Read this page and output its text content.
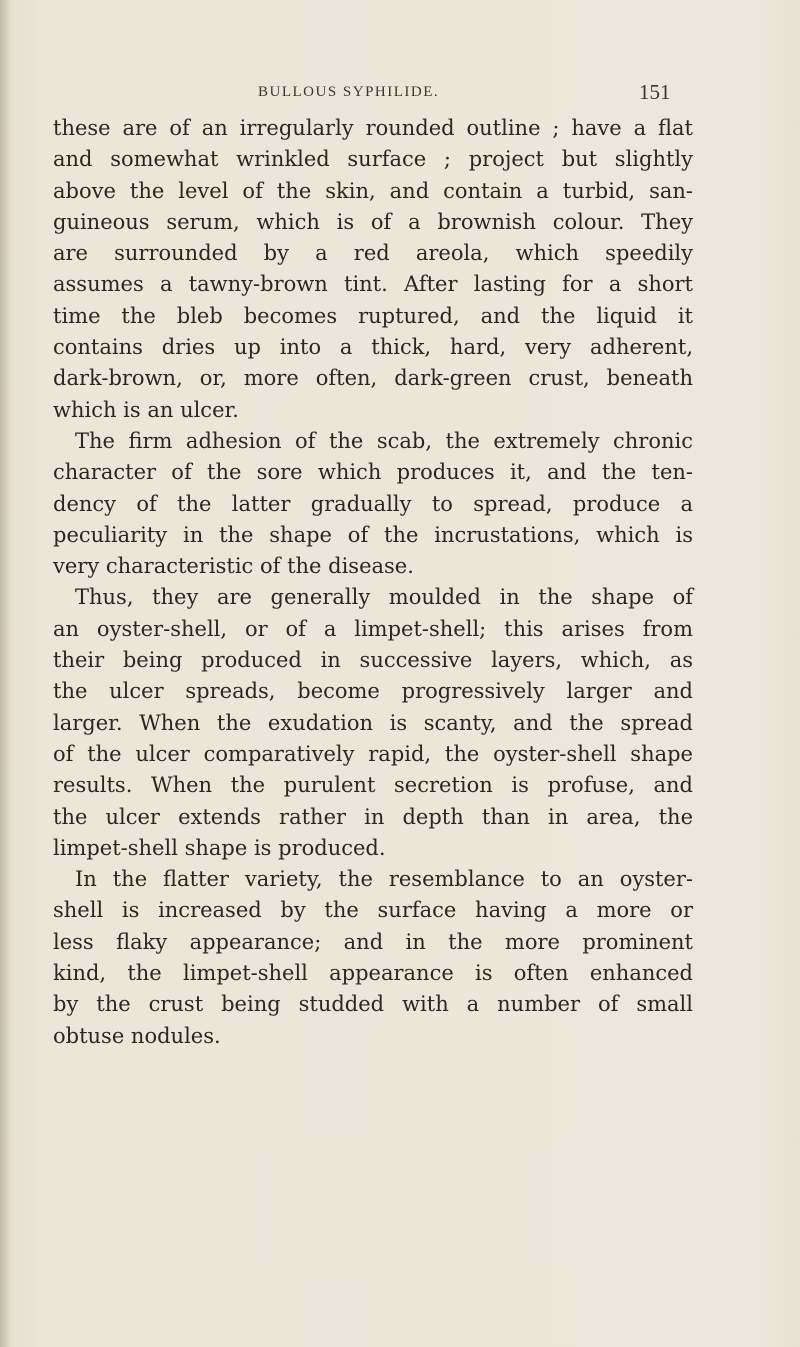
BULLOUS SYPHILIDE.	151
these are of an irregularly rounded outline ; have a flat
and somewhat wrinkled surface ; project but slightly
above the level of the skin, and contain a turbid, san-
guineous serum, which is of a brownish colour. They
are surrounded by a red areola, which speedily
assumes a tawny-brown tint. After lasting for a short
time the bleb becomes ruptured, and the liquid it
contains dries up into a thick, hard, very adherent,
dark-brown, or, more often, dark-green crust, beneath
which is an ulcer.
The firm adhesion of the scab, the extremely chronic
character of the sore which produces it, and the ten-
dency of the latter gradually to spread, produce a
peculiarity in the shape of the incrustations, which is
very characteristic of the disease.
Thus, they are generally moulded in the shape of
an oyster-shell, or of a limpet-shell; this arises from
their being produced in successive layers, which, as
the ulcer spreads, become progressively larger and
larger. When the exudation is scanty, and the spread
of the ulcer comparatively rapid, the oyster-shell shape
results. When the purulent secretion is profuse, and
the ulcer extends rather in depth than in area, the
limpet-shell shape is produced.
In the flatter variety, the resemblance to an oyster-
shell is increased by the surface having a more or
less flaky appearance; and in the more prominent
kind, the limpet-shell appearance is often enhanced
by the crust being studded with a number of small
obtuse nodules.
